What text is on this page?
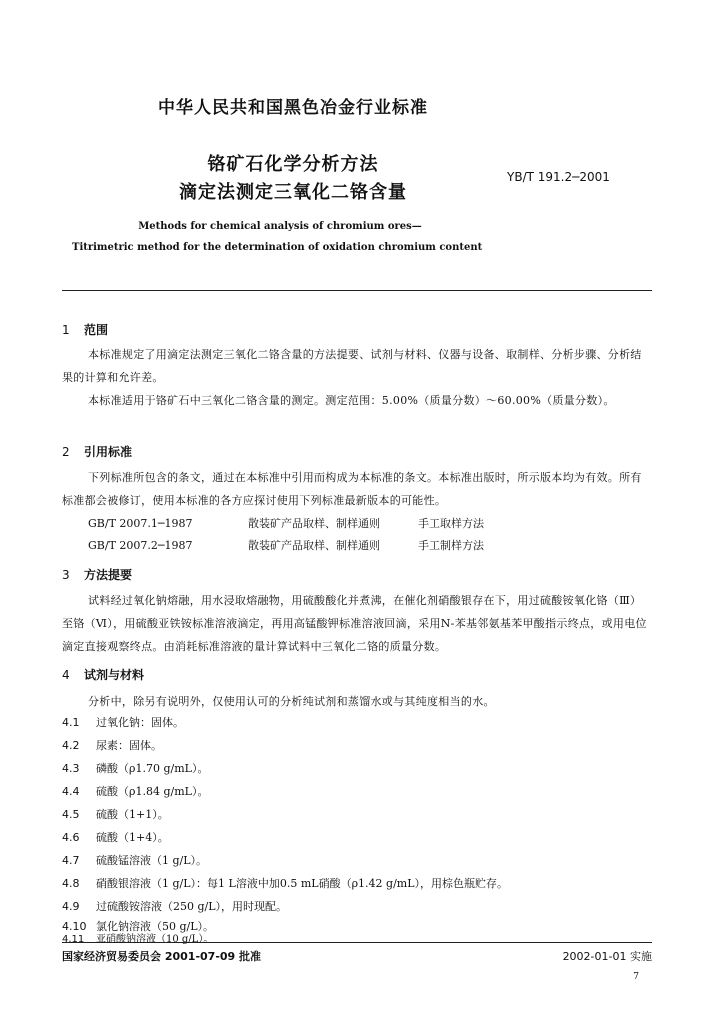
中华人民共和国黑色冶金行业标准
铬矿石化学分析方法
滴定法测定三氧化二铬含量
YB/T 191.2─2001
Methods for chemical analysis of chromium ores—
Titrimetric method for the determination of oxidation chromium content
1 范围
本标准规定了用滴定法测定三氧化二铬含量的方法提要、试剂与材料、仪器与设备、取制样、分析步骤、分析结果的计算和允许差。
本标准适用于铬矿石中三氧化二铬含量的测定。测定范围：5.00%（质量分数）～60.00%（质量分数）。
2 引用标准
下列标准所包含的条文，通过在本标准中引用而构成为本标准的条文。本标准出版时，所示版本均为有效。所有标准都会被修订，使用本标准的各方应探讨使用下列标准最新版本的可能性。
GB/T 2007.1─1987	散装矿产品取样、制样通则	手工取样方法
GB/T 2007.2─1987	散装矿产品取样、制样通则	手工制样方法
3 方法提要
试料经过氧化钠熔融，用水浸取熔融物，用硫酸酸化并煮沸，在催化剂硝酸银存在下，用过硫酸铵氧化铬（Ⅲ）至铬（Ⅵ），用硫酸亚铁铵标准溶液滴定，再用高锰酸钾标准溶液回滴，采用N-苯基邻氨基苯甲酸指示终点，或用电位滴定直接观察终点。由消耗标准溶液的量计算试料中三氧化二铬的质量分数。
4 试剂与材料
分析中，除另有说明外，仅使用认可的分析纯试剂和蒸馏水或与其纯度相当的水。
4.1 过氧化钠：固体。
4.2 尿素：固体。
4.3 磷酸（ρ1.70 g/mL）。
4.4 硫酸（ρ1.84 g/mL）。
4.5 硫酸（1+1）。
4.6 硫酸（1+4）。
4.7 硫酸锰溶液（1 g/L）。
4.8 硝酸银溶液（1 g/L）：每1 L溶液中加0.5 mL硝酸（ρ1.42 g/mL），用棕色瓶贮存。
4.9 过硫酸铵溶液（250 g/L），用时现配。
4.10 氯化钠溶液（50 g/L）。
4.11 亚硝酸钠溶液（10 g/L）。
国家经济贸易委员会 2001-07-09 批准	2002-01-01 实施
7
